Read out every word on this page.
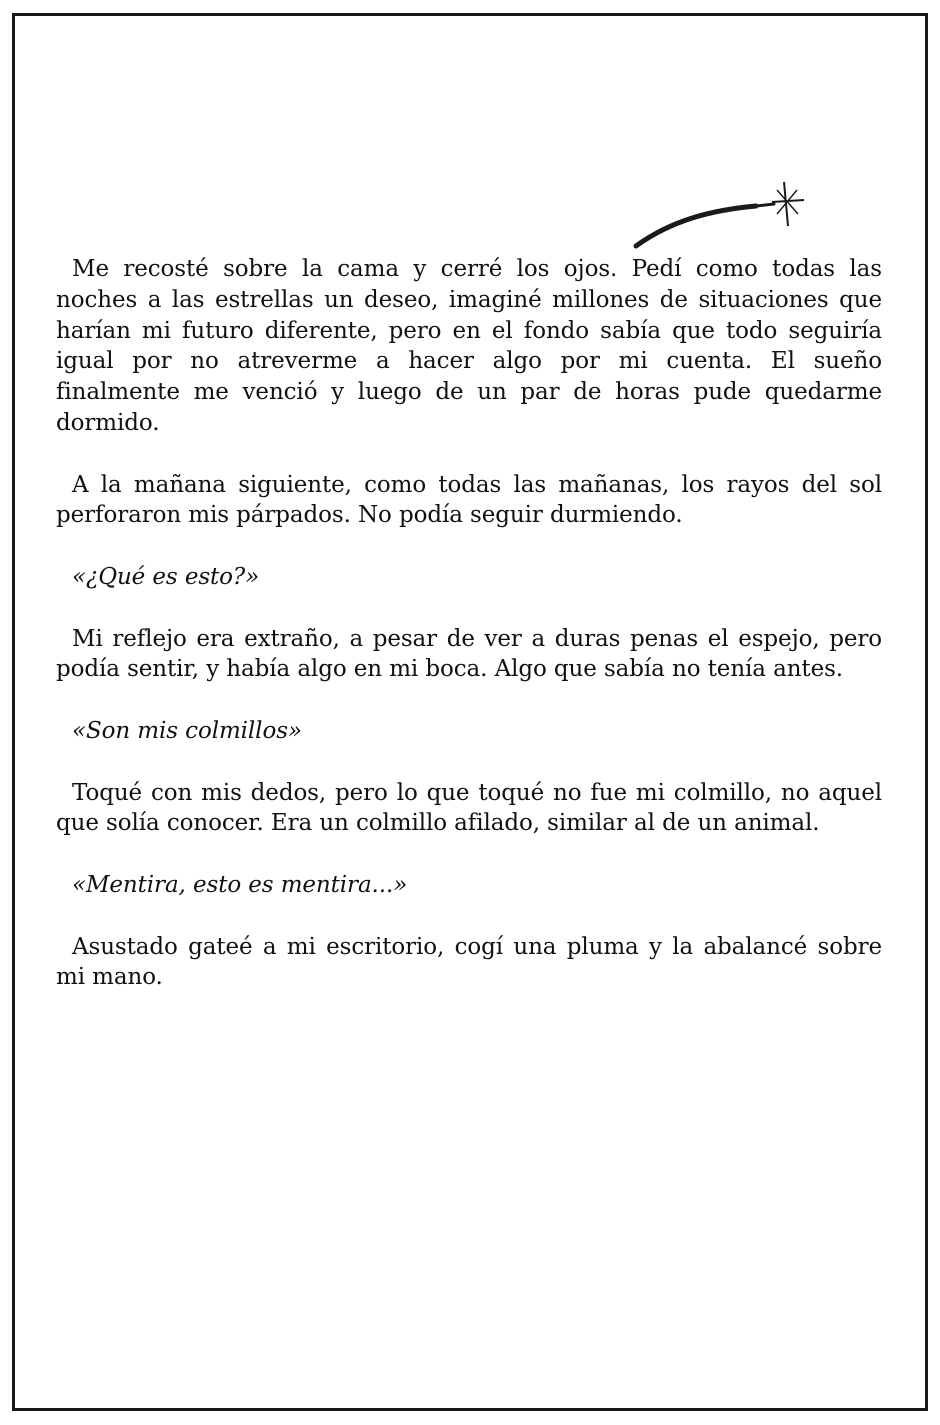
Me recosté sobre la cama y cerré los ojos. Pedí como todas las noches a las estrellas un deseo, imaginé millones de situaciones que harían mi futuro diferente, pero en el fondo sabía que todo seguiría igual por no atreverme a hacer algo por mi cuenta. El sueño finalmente me venció y luego de un par de horas pude quedarme dormido.

A la mañana siguiente, como todas las mañanas, los rayos del sol perforaron mis párpados. No podía seguir durmiendo.

«¿Qué es esto?»

Mi reflejo era extraño, a pesar de ver a duras penas el espejo, pero podía sentir, y había algo en mi boca. Algo que sabía no tenía antes.

«Son mis colmillos»

Toqué con mis dedos, pero lo que toqué no fue mi colmillo, no aquel que solía conocer. Era un colmillo afilado, similar al de un animal.

«Mentira, esto es mentira...»

Asustado gateé a mi escritorio, cogí una pluma y la abalancé sobre mi mano.
